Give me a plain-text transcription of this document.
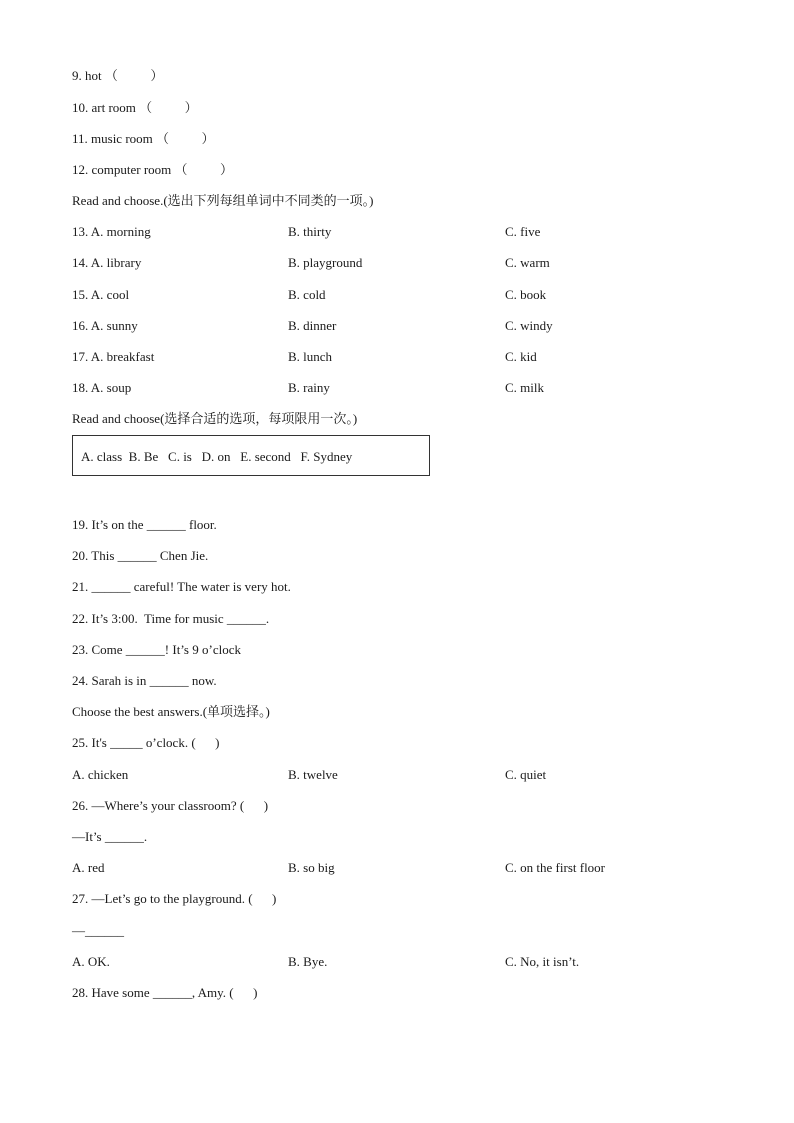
9. hot （          ）
10. art room （          ）
11. music room （          ）
12. computer room （          ）
Read and choose.(选出下列每组单词中不同类的一项。)
13. A. morning	B. thirty	C. five
14. A. library	B. playground	C. warm
15. A. cool	B. cold	C. book
16. A. sunny	B. dinner	C. windy
17. A. breakfast	B. lunch	C. kid
18. A. soup	B. rainy	C. milk
Read and choose(选择合适的选项，每项限用一次。)
A. class  B. Be   C. is   D. on   E. second   F. Sydney
19. It’s on the ______ floor.
20. This ______ Chen Jie.
21. ______ careful! The water is very hot.
22. It’s 3:00.  Time for music ______.
23. Come ______! It’s 9 o’clock
24. Sarah is in ______ now.
Choose the best answers.(单项选择。)
25. It's _____ o’clock. (      )
A. chicken	B. twelve	C. quiet
26. —Where’s your classroom? (      )
—It’s ______.
A. red	B. so big	C. on the first floor
27. —Let’s go to the playground. (      )
—______
A. OK.	B. Bye.	C. No, it isn’t.
28. Have some ______, Amy. (      )
